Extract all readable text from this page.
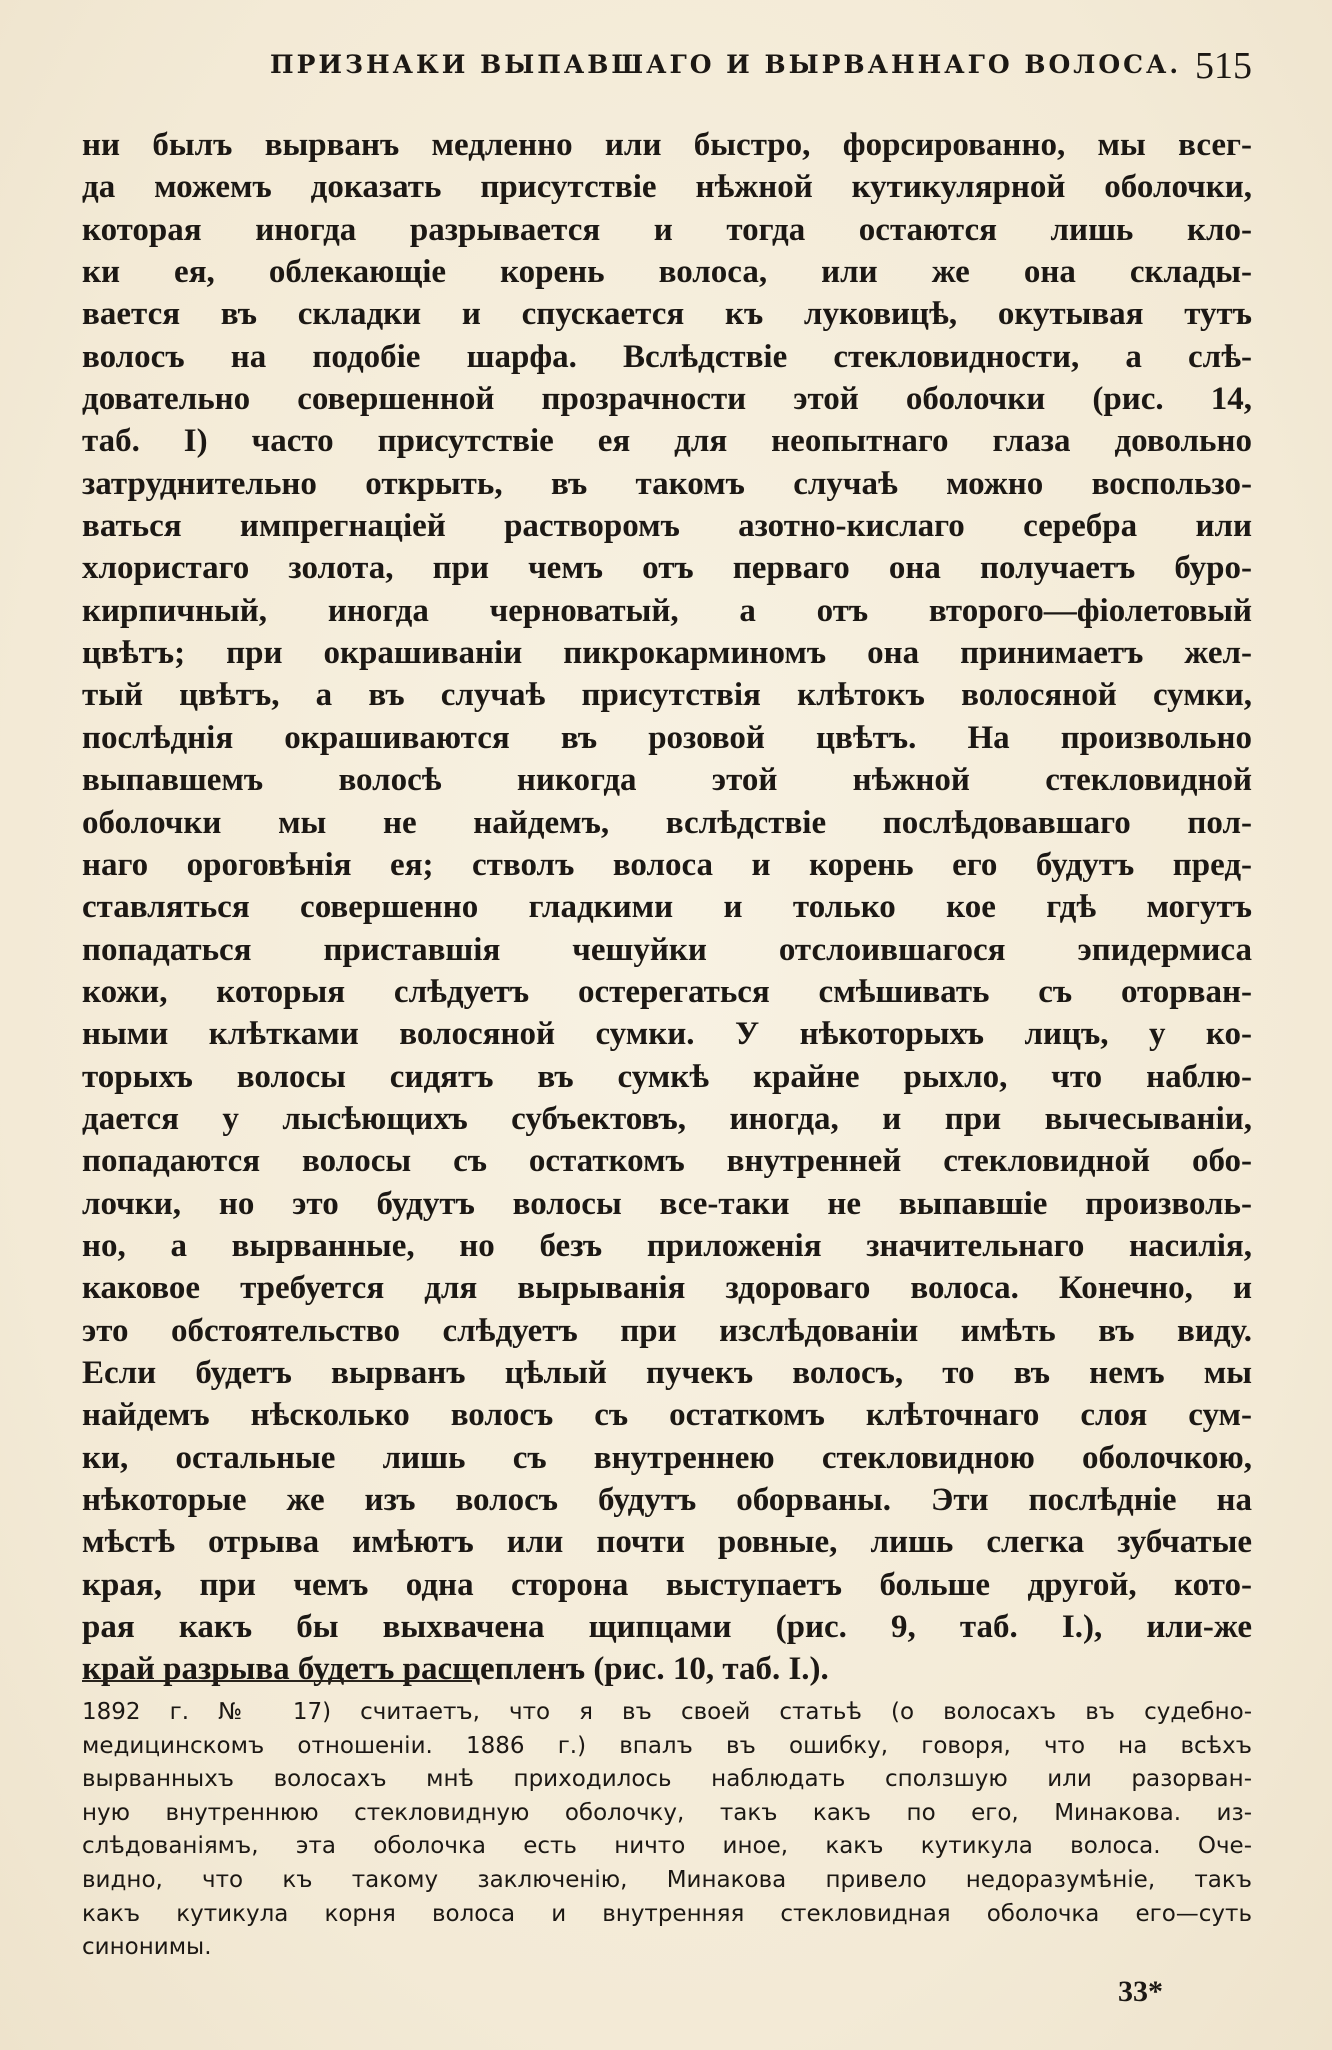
ПРИЗНАКИ ВЫПАВШАГО И ВЫРВАННАГО ВОЛОСА. 515
ни былъ вырванъ медленно или быстро, форсированно, мы всег-
да можемъ доказать присутствіе нѣжной кутикулярной оболочки,
которая иногда разрывается и тогда остаются лишь кло-
ки ея, облекающіе корень волоса, или же она склады-
вается въ складки и спускается къ луковицѣ, окутывая тутъ
волосъ на подобіе шарфа. Вслѣдствіе стекловидности, а слѣ-
довательно совершенной прозрачности этой оболочки (рис. 14,
таб. I) часто присутствіе ея для неопытнаго глаза довольно
затруднительно открыть, въ такомъ случаѣ можно воспользо-
ваться импрегнаціей растворомъ азотно-кислаго серебра или
хлористаго золота, при чемъ отъ перваго она получаетъ буро-
кирпичный, иногда черноватый, а отъ второго—фіолетовый
цвѣтъ; при окрашиваніи пикрокарминомъ она принимаетъ жел-
тый цвѣтъ, а въ случаѣ присутствія клѣтокъ волосяной сумки,
послѣднія окрашиваются въ розовой цвѣтъ. На произвольно
выпавшемъ волосѣ никогда этой нѣжной стекловидной
оболочки мы не найдемъ, вслѣдствіе послѣдовавшаго пол-
наго ороговѣнія ея; стволъ волоса и корень его будутъ пред-
ставляться совершенно гладкими и только кое гдѣ могутъ
попадаться приставшія чешуйки отслоившагося эпидермиса
кожи, которыя слѣдуетъ остерегаться смѣшивать съ оторван-
ными клѣтками волосяной сумки. У нѣкоторыхъ лицъ, у ко-
торыхъ волосы сидятъ въ сумкѣ крайне рыхло, что наблю-
дается у лысѣющихъ субъектовъ, иногда, и при вычесываніи,
попадаются волосы съ остаткомъ внутренней стекловидной обо-
лочки, но это будутъ волосы все-таки не выпавшіе произволь-
но, а вырванные, но безъ приложенія значительнаго насилія,
каковое требуется для вырыванія здороваго волоса. Конечно, и
это обстоятельство слѣдуетъ при изслѣдованіи имѣть въ виду.
Если будетъ вырванъ цѣлый пучекъ волосъ, то въ немъ мы
найдемъ нѣсколько волосъ съ остаткомъ клѣточнаго слоя сум-
ки, остальные лишь съ внутреннею стекловидною оболочкою,
нѣкоторые же изъ волосъ будутъ оборваны. Эти послѣдніе на
мѣстѣ отрыва имѣютъ или почти ровные, лишь слегка зубчатые
края, при чемъ одна сторона выступаетъ больше другой, кото-
рая какъ бы выхвачена щипцами (рис. 9, таб. I.), или-же
край разрыва будетъ расщепленъ (рис. 10, таб. I.).
1892 г. № 17) считаетъ, что я въ своей статьѣ (о волосахъ въ судебно-
медицинскомъ отношеніи. 1886 г.) впалъ въ ошибку, говоря, что на всѣхъ
вырванныхъ волосахъ мнѣ приходилось наблюдать сползшую или разорван-
ную внутреннюю стекловидную оболочку, такъ какъ по его, Минакова. из-
слѣдованіямъ, эта оболочка есть ничто иное, какъ кутикула волоса. Оче-
видно, что къ такому заключенію, Минакова привело недоразумѣніе, такъ
какъ кутикула корня волоса и внутренняя стекловидная оболочка его—суть
синонимы.
33*
